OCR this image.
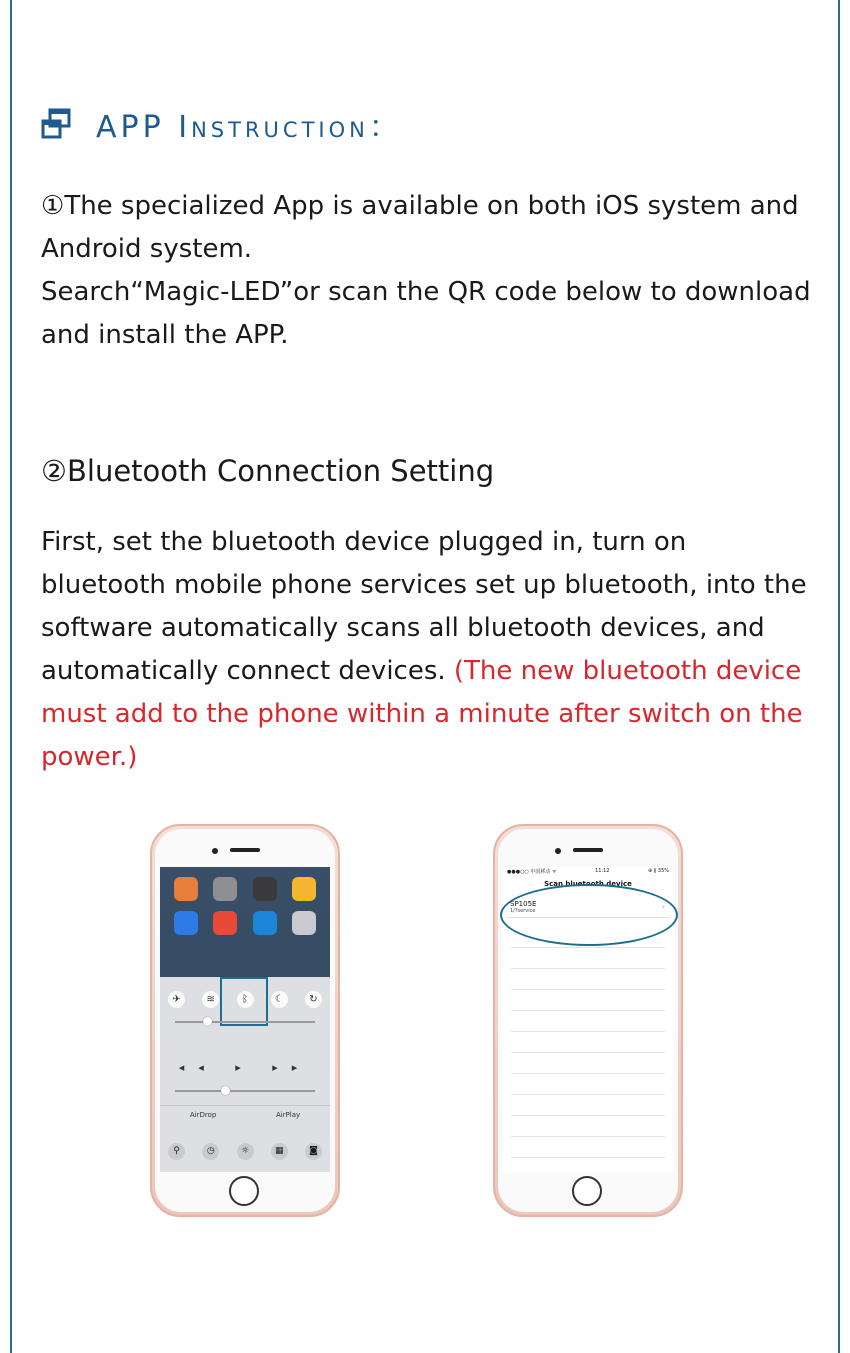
APP Instruction：

①The specialized App is available on both iOS system and Android system.
Search“Magic-LED”or scan the QR code below to download and install the APP.

②Bluetooth Connection Setting

First, set the bluetooth device plugged in, turn on bluetooth mobile phone services set up bluetooth, into the software automatically scans all bluetooth devices, and automatically connect devices. (The new bluetooth device must add to the phone within a minute after switch on the power.)

✈	≋	ᛒ	☾	↻
◂◂ ▸ ▸▸
AirDrop	AirPlay
⚲	◷	☼	▦	◙
●●●○○ 中国移动 ᯤ	11:12	⊕ ∦ 35%
Scan bluetooth device
SP105E
1/?service	›
